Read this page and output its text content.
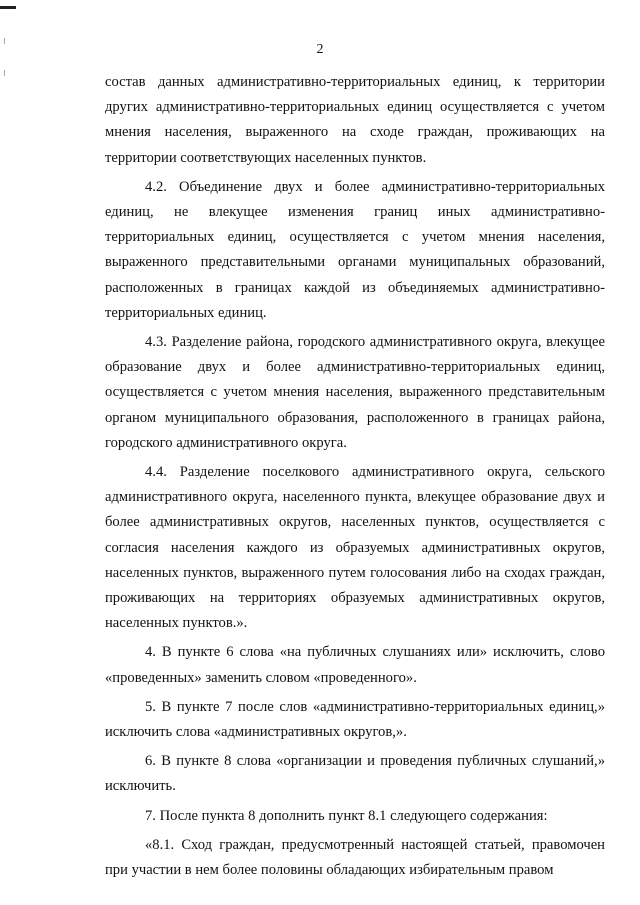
2

состав данных административно-территориальных единиц, к территории других административно-территориальных единиц осуществляется с учетом мнения населения, выраженного на сходе граждан, проживающих на территории соответствующих населенных пунктов.

4.2. Объединение двух и более административно-территориальных единиц, не влекущее изменения границ иных административно-территориальных единиц, осуществляется с учетом мнения населения, выраженного представительными органами муниципальных образований, расположенных в границах каждой из объединяемых административно-территориальных единиц.

4.3. Разделение района, городского административного округа, влекущее образование двух и более административно-территориальных единиц, осуществляется с учетом мнения населения, выраженного представительным органом муниципального образования, расположенного в границах района, городского административного округа.

4.4. Разделение поселкового административного округа, сельского административного округа, населенного пункта, влекущее образование двух и более административных округов, населенных пунктов, осуществляется с согласия населения каждого из образуемых административных округов, населенных пунктов, выраженного путем голосования либо на сходах граждан, проживающих на территориях образуемых административных округов, населенных пунктов.».

4. В пункте 6 слова «на публичных слушаниях или» исключить, слово «проведенных» заменить словом «проведенного».

5. В пункте 7 после слов «административно-территориальных единиц,» исключить слова «административных округов,».

6. В пункте 8 слова «организации и проведения публичных слушаний,» исключить.

7. После пункта 8 дополнить пункт 8.1 следующего содержания:

«8.1. Сход граждан, предусмотренный настоящей статьей, правомочен при участии в нем более половины обладающих избирательным правом
